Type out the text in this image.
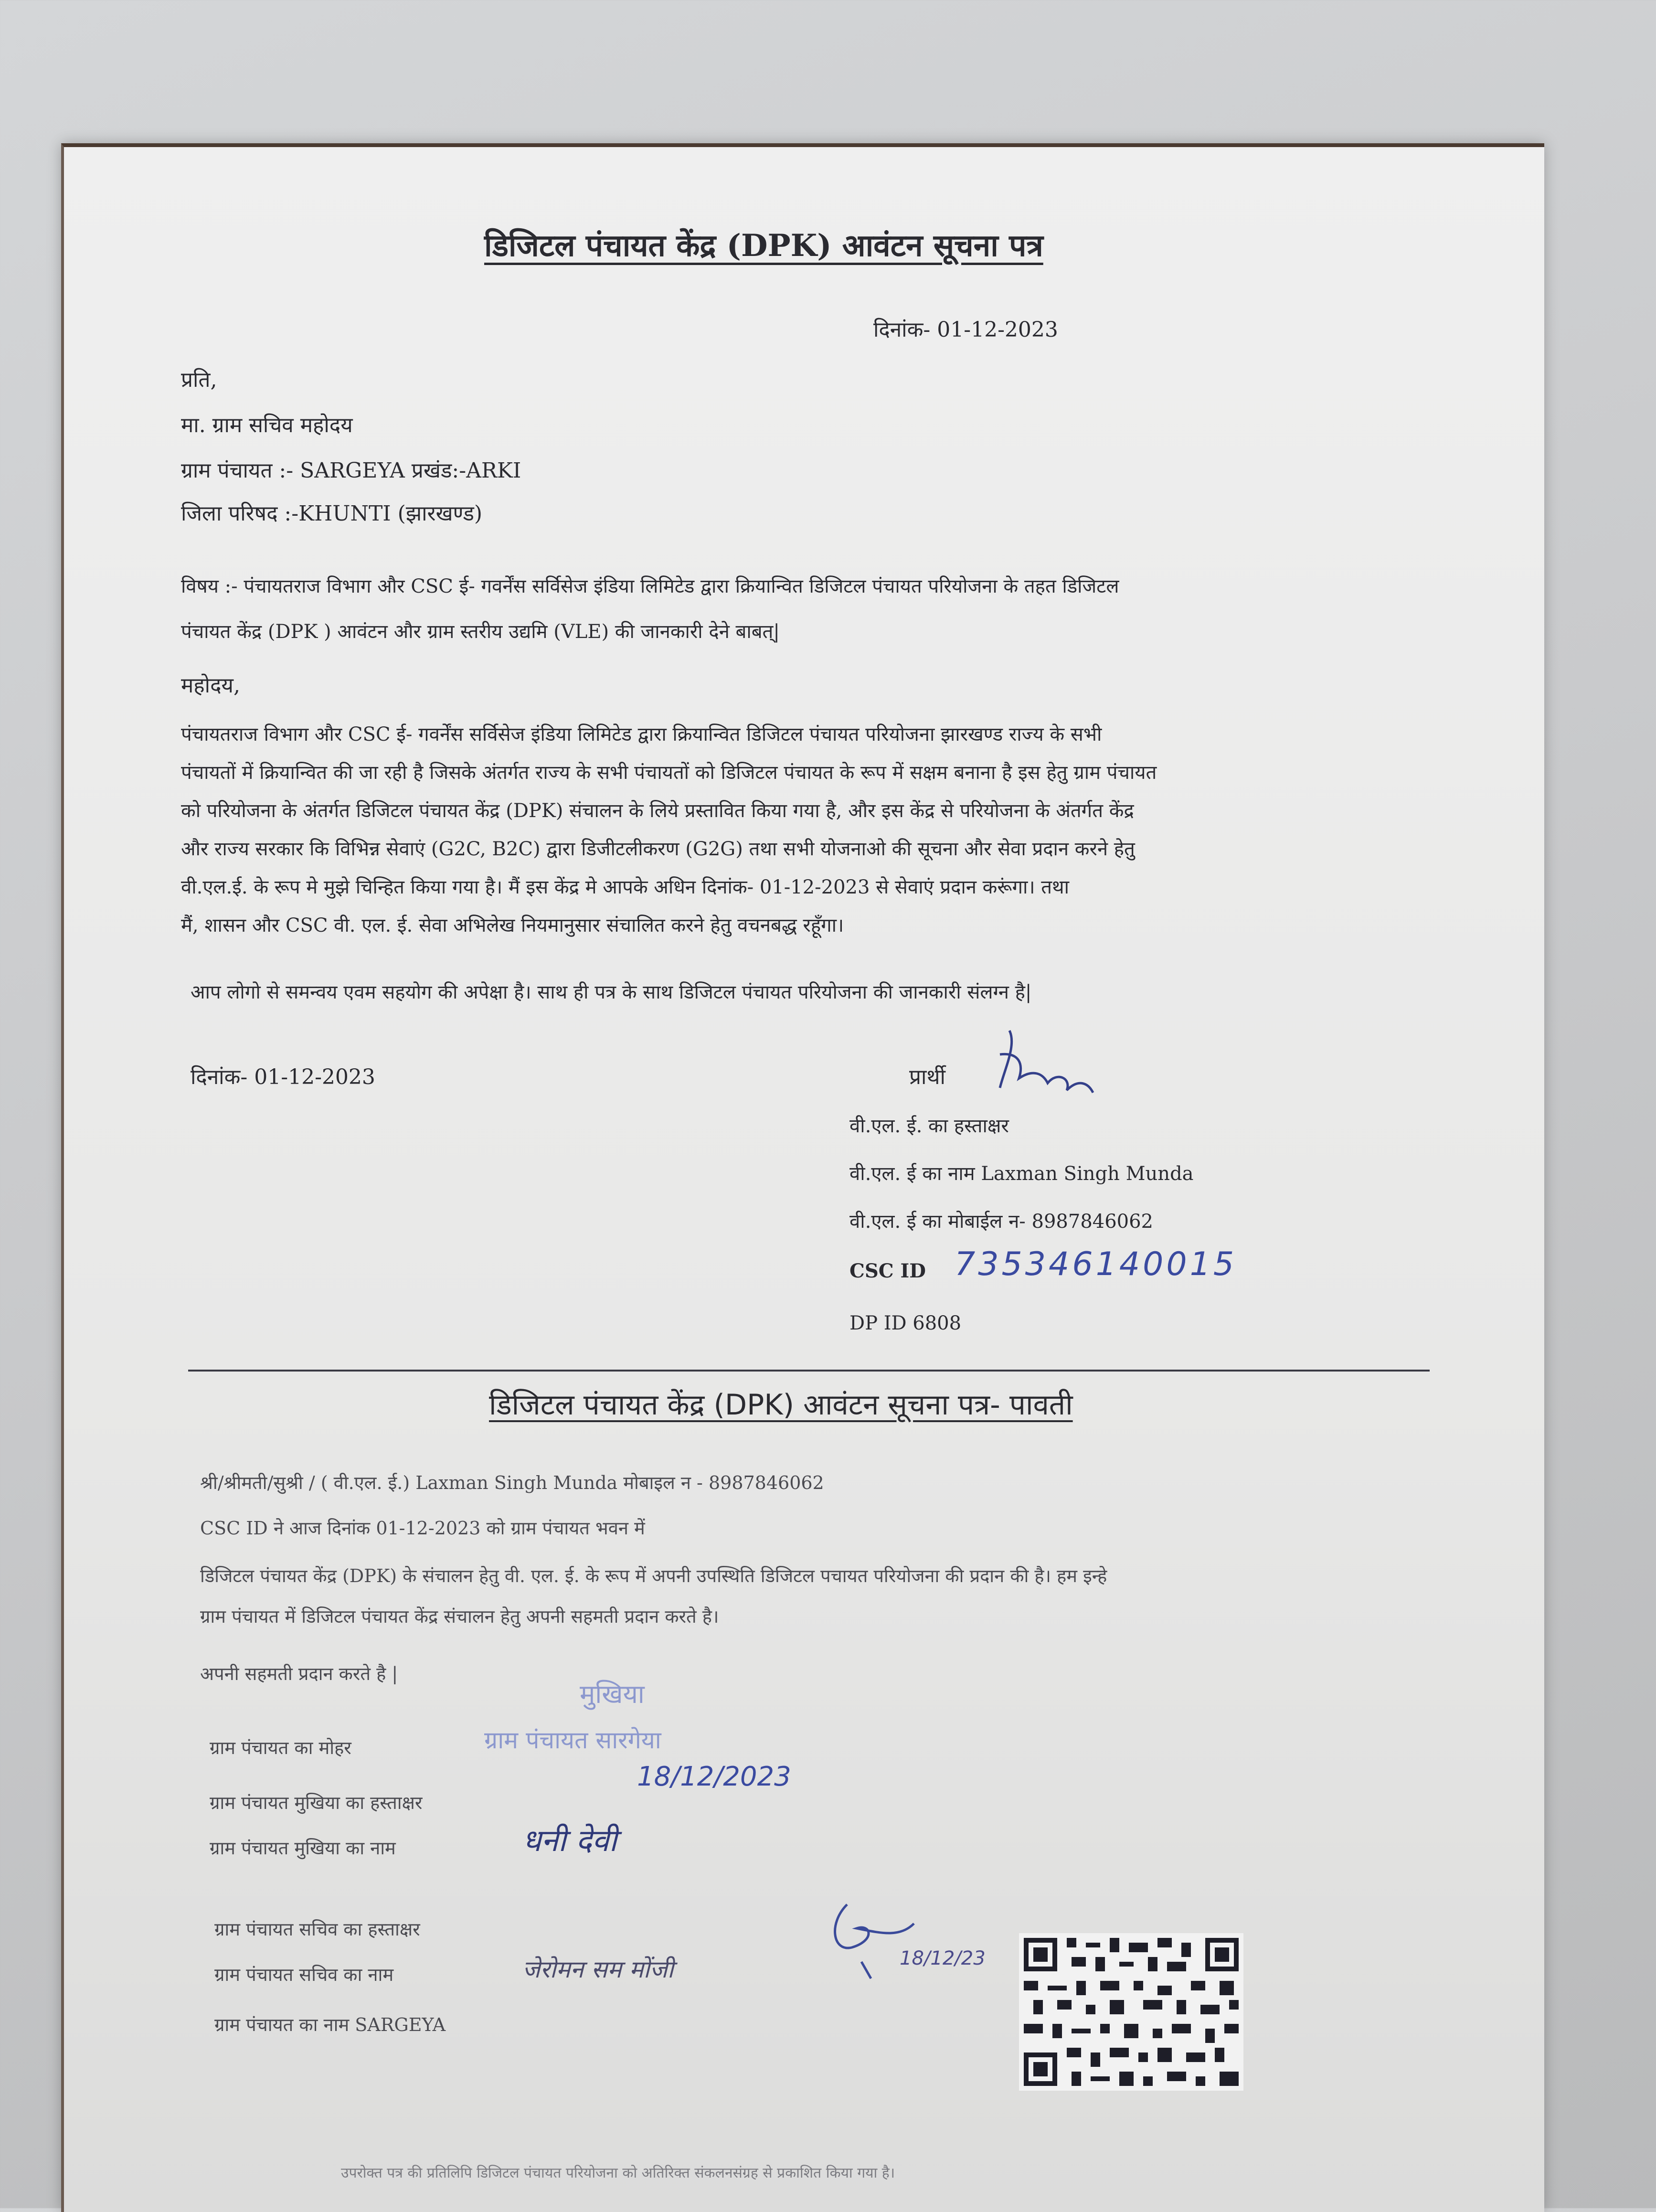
डिजिटल पंचायत केंद्र (DPK) आवंटन सूचना पत्र
दिनांक- 01-12-2023
प्रति,
मा. ग्राम सचिव महोदय
ग्राम पंचायत :- SARGEYA प्रखंड:-ARKI
जिला परिषद :-KHUNTI (झारखण्ड)
विषय :- पंचायतराज विभाग और CSC ई- गवर्नेंस सर्विसेज इंडिया लिमिटेड द्वारा क्रियान्वित डिजिटल पंचायत परियोजना के तहत डिजिटल
पंचायत केंद्र (DPK ) आवंटन और ग्राम स्तरीय उद्यमि (VLE) की जानकारी देने बाबत्|
महोदय,
पंचायतराज विभाग और CSC ई- गवर्नेंस सर्विसेज इंडिया लिमिटेड द्वारा क्रियान्वित डिजिटल पंचायत परियोजना झारखण्ड राज्य के सभी
पंचायतों में क्रियान्वित की जा रही है जिसके अंतर्गत राज्य के सभी पंचायतों को डिजिटल पंचायत के रूप में सक्षम बनाना है इस हेतु ग्राम पंचायत
को परियोजना के अंतर्गत डिजिटल पंचायत केंद्र (DPK) संचालन के लिये प्रस्तावित किया गया है, और इस केंद्र से परियोजना के अंतर्गत केंद्र
और राज्य सरकार कि विभिन्न सेवाएं (G2C, B2C) द्वारा डिजीटलीकरण (G2G) तथा सभी योजनाओ की सूचना और सेवा प्रदान करने हेतु
वी.एल.ई. के रूप मे मुझे चिन्हित किया गया है। मैं इस केंद्र मे आपके अधिन दिनांक- 01-12-2023 से सेवाएं प्रदान करूंगा। तथा
मैं, शासन और CSC वी. एल. ई. सेवा अभिलेख नियमानुसार संचालित करने हेतु वचनबद्ध रहूँगा।
आप लोगो से समन्वय एवम सहयोग की अपेक्षा है। साथ ही पत्र के साथ डिजिटल पंचायत परियोजना की जानकारी संलग्न है|
दिनांक- 01-12-2023	प्रार्थी
वी.एल. ई. का हस्ताक्षर
वी.एल. ई का नाम Laxman Singh Munda
वी.एल. ई का मोबाईल न- 8987846062
CSC ID 735346140015
DP ID 6808
डिजिटल पंचायत केंद्र (DPK) आवंटन सूचना पत्र- पावती
श्री/श्रीमती/सुश्री / ( वी.एल. ई.) Laxman Singh Munda मोबाइल न - 8987846062
CSC ID ने आज दिनांक 01-12-2023 को ग्राम पंचायत भवन में
डिजिटल पंचायत केंद्र (DPK) के संचालन हेतु वी. एल. ई. के रूप में अपनी उपस्थिति डिजिटल पचायत परियोजना की प्रदान की है। हम इन्हे
ग्राम पंचायत में डिजिटल पंचायत केंद्र संचालन हेतु अपनी सहमती प्रदान करते है।
अपनी सहमती प्रदान करते है |
ग्राम पंचायत का मोहर
ग्राम पंचायत मुखिया का हस्ताक्षर
ग्राम पंचायत मुखिया का नाम
ग्राम पंचायत सचिव का हस्ताक्षर
ग्राम पंचायत सचिव का नाम
ग्राम पंचायत का नाम SARGEYA
मुखिया
ग्राम पंचायत सारगेया
18/12/2023
धनी देवी
जेरोमन सम मोंजी	18/12/23
उपरोक्त पत्र की प्रतिलिपि डिजिटल पंचायत परियोजना को अतिरिक्त संकलनसंग्रह से प्रकाशित किया गया है।
